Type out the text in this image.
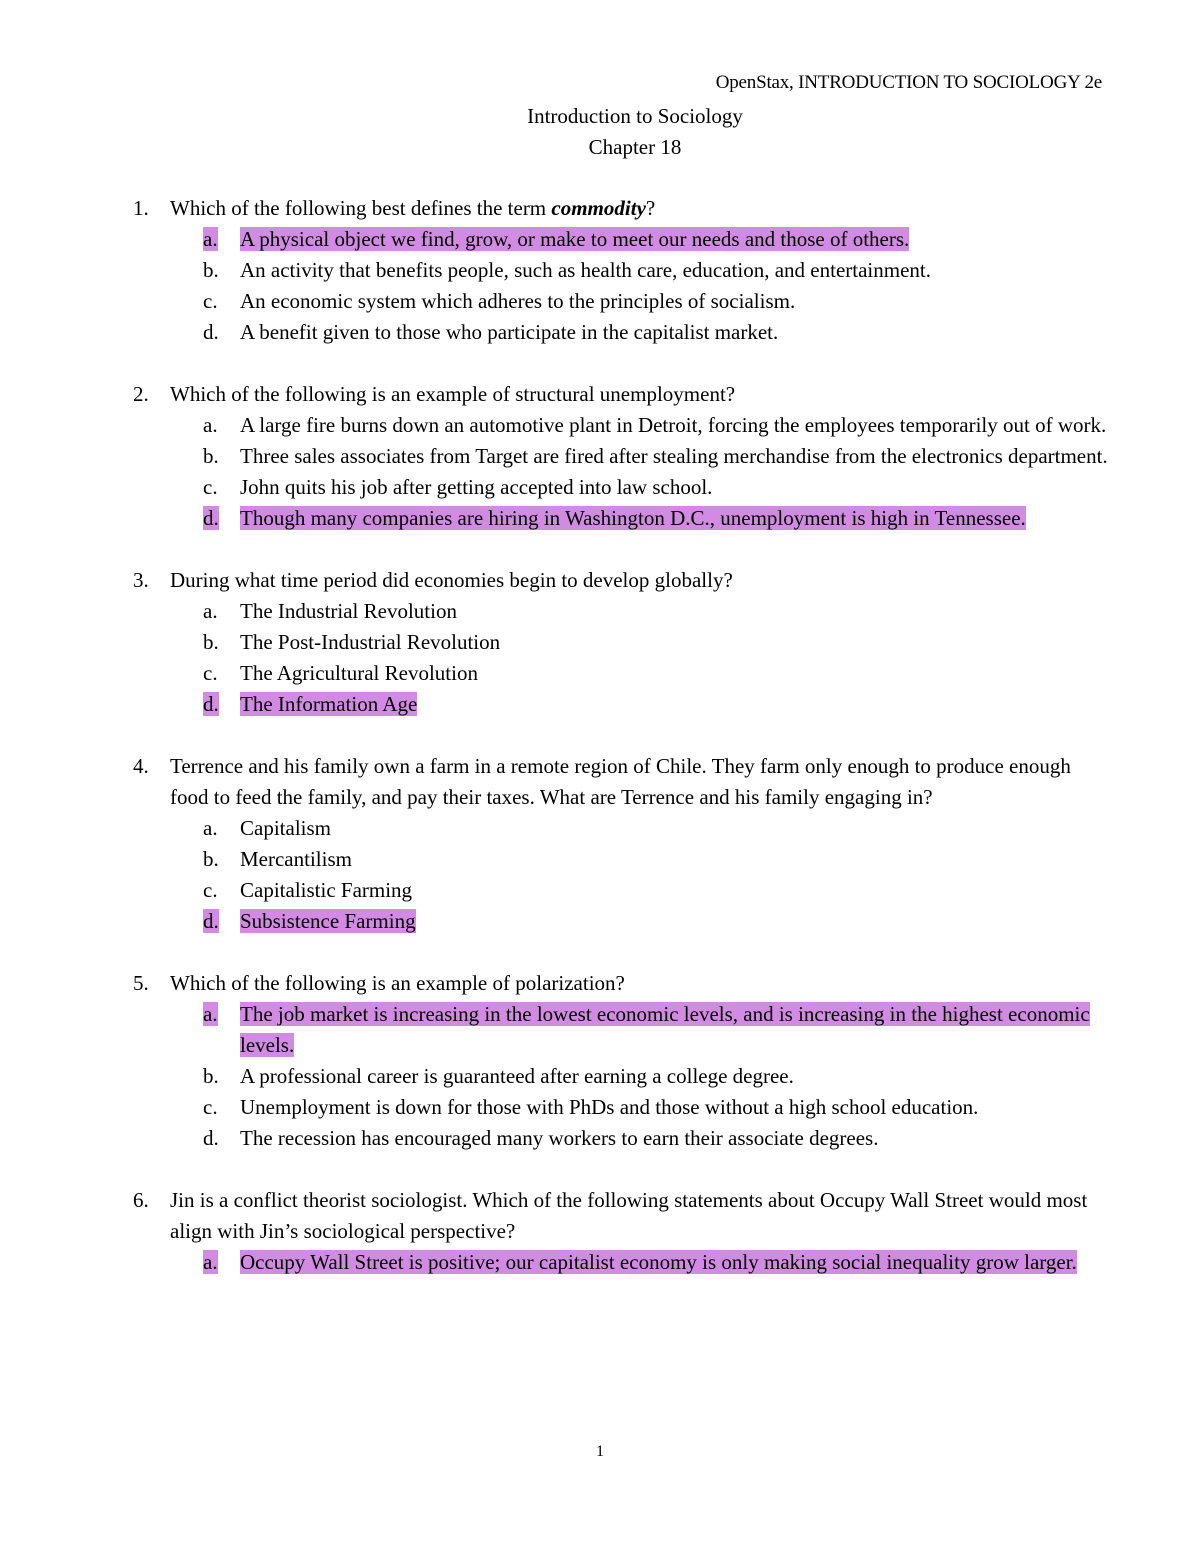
OpenStax, INTRODUCTION TO SOCIOLOGY 2e
Introduction to Sociology
Chapter 18
1.	Which of the following best defines the term commodity?
a.	A physical object we find, grow, or make to meet our needs and those of others.
b.	An activity that benefits people, such as health care, education, and entertainment.
c.	An economic system which adheres to the principles of socialism.
d.	A benefit given to those who participate in the capitalist market.
2.	Which of the following is an example of structural unemployment?
a.	A large fire burns down an automotive plant in Detroit, forcing the employees temporarily out of work.
b.	Three sales associates from Target are fired after stealing merchandise from the electronics department.
c.	John quits his job after getting accepted into law school.
d.	Though many companies are hiring in Washington D.C., unemployment is high in Tennessee.
3.	During what time period did economies begin to develop globally?
a.	The Industrial Revolution
b.	The Post-Industrial Revolution
c.	The Agricultural Revolution
d.	The Information Age
4.	Terrence and his family own a farm in a remote region of Chile. They farm only enough to produce enough food to feed the family, and pay their taxes. What are Terrence and his family engaging in?
a.	Capitalism
b.	Mercantilism
c.	Capitalistic Farming
d.	Subsistence Farming
5.	Which of the following is an example of polarization?
a.	The job market is increasing in the lowest economic levels, and is increasing in the highest economic levels.
b.	A professional career is guaranteed after earning a college degree.
c.	Unemployment is down for those with PhDs and those without a high school education.
d.	The recession has encouraged many workers to earn their associate degrees.
6.	Jin is a conflict theorist sociologist. Which of the following statements about Occupy Wall Street would most align with Jin’s sociological perspective?
a.	Occupy Wall Street is positive; our capitalist economy is only making social inequality grow larger.
1
